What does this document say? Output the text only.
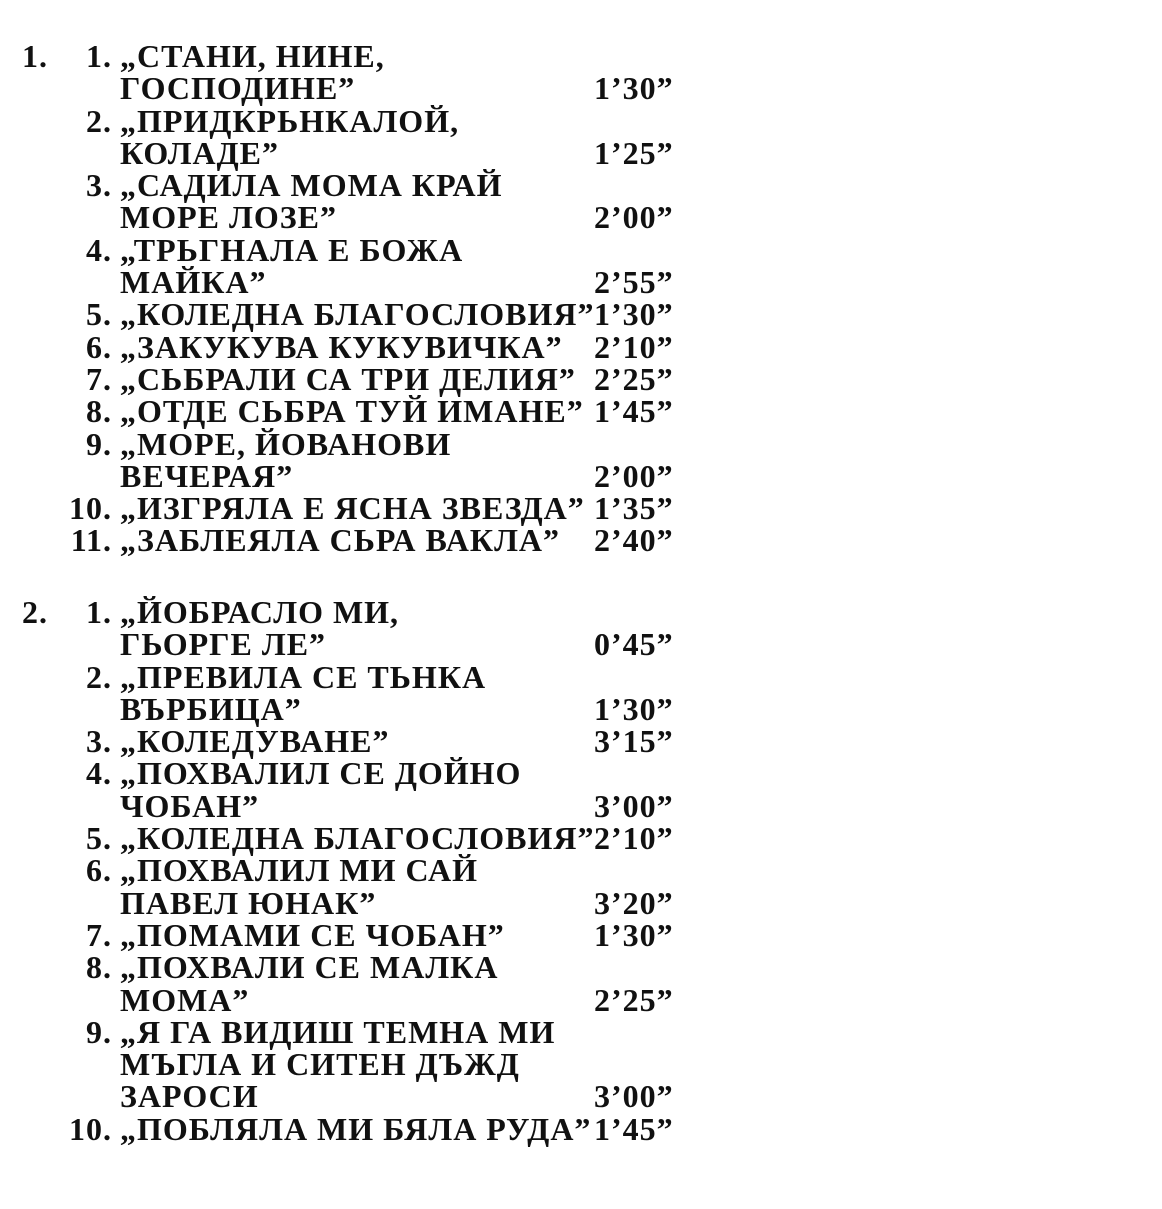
1. 1. „СТАНИ, НИНЕ,
ГОСПОДИНЕ”	1’30”
2. „ПРИДКРЬНКАЛОЙ,
КОЛАДЕ”	1’25”
3. „САДИЛА МОМА КРАЙ
МОРЕ ЛОЗЕ”	2’00”
4. „ТРЬГНАЛА Е БОЖА
МАЙКА”	2’55”
5. „КОЛЕДНА БЛАГОСЛОВИЯ” 1’30”
6. „ЗАКУКУВА КУКУВИЧКА” 2’10”
7. „СЬБРАЛИ СА ТРИ ДЕЛИЯ” 2’25”
8. „ОТДЕ СЬБРА ТУЙ ИМАНЕ” 1’45”
9. „МОРЕ, ЙОВАНОВИ
ВЕЧЕРАЯ”	2’00”
10. „ИЗГРЯЛА Е ЯСНА ЗВЕЗДА” 1’35”
11. „ЗАБЛЕЯЛА СЬРА ВАКЛА” 2’40”
2. 1. „ЙОБРАСЛО МИ,
ГЬОРГЕ ЛЕ”	0’45”
2. „ПРЕВИЛА СЕ ТЬНКА
ВЪРБИЦА”	1’30”
3. „КОЛЕДУВАНЕ”	3’15”
4. „ПОХВАЛИЛ СЕ ДОЙНО
ЧОБАН”	3’00”
5. „КОЛЕДНА БЛАГОСЛОВИЯ” 2’10”
6. „ПОХВАЛИЛ МИ САЙ
ПАВЕЛ ЮНАК”	3’20”
7. „ПОМАМИ СЕ ЧОБАН”	1’30”
8. „ПОХВАЛИ СЕ МАЛКА
МОМА”	2’25”
9. „Я ГА ВИДИШ ТЕМНА МИ
МЪГЛА И СИТЕН ДЪЖД
ЗАРОСИ	3’00”
10. „ПОБЛЯЛА МИ БЯЛА РУДА” 1’45”
